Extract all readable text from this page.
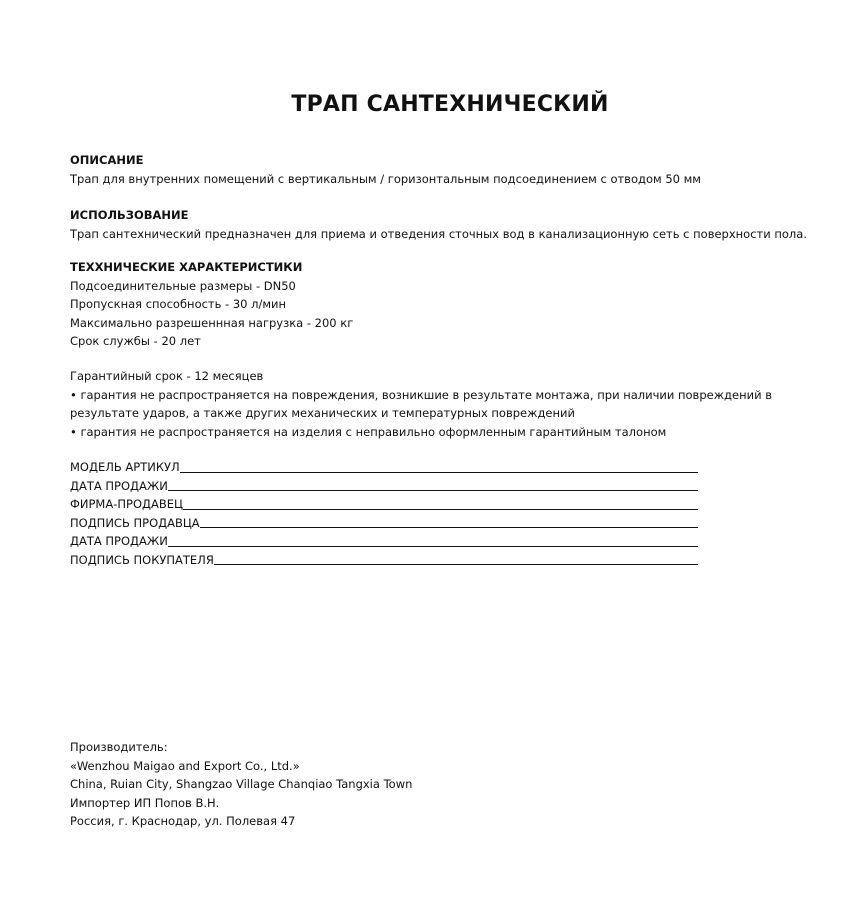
ТРАП САНТЕХНИЧЕСКИЙ
ОПИСАНИЕ
Трап для внутренних помещений с вертикальным / горизонтальным подсоединением с отводом 50 мм
ИСПОЛЬЗОВАНИЕ
Трап сантехнический предназначен для приема и отведения сточных вод в канализационную сеть с поверхности пола.
ТЕХХНИЧЕСКИЕ ХАРАКТЕРИСТИКИ
Подсоединительные размеры - DN50
Пропускная способность - 30 л/мин
Максимально разрешеннная нагрузка - 200 кг
Срок службы - 20 лет
Гарантийный срок - 12 месяцев
• гарантия не распространяется на повреждения, возникшие в результате монтажа, при наличии повреждений в результате ударов, а также других механических и температурных повреждений
• гарантия не распространяется на изделия с неправильно оформленным гарантийным талоном
МОДЕЛЬ АРТИКУЛ
ДАТА ПРОДАЖИ
ФИРМА-ПРОДАВЕЦ
ПОДПИСЬ ПРОДАВЦА
ДАТА ПРОДАЖИ
ПОДПИСЬ ПОКУПАТЕЛЯ
Производитель:
«Wenzhou Maigao and Export Co., Ltd.»
China, Ruian City, Shangzao Village Chanqiao Tangxia Town
Импортер ИП Попов В.Н.
Россия, г. Краснодар, ул. Полевая 47
